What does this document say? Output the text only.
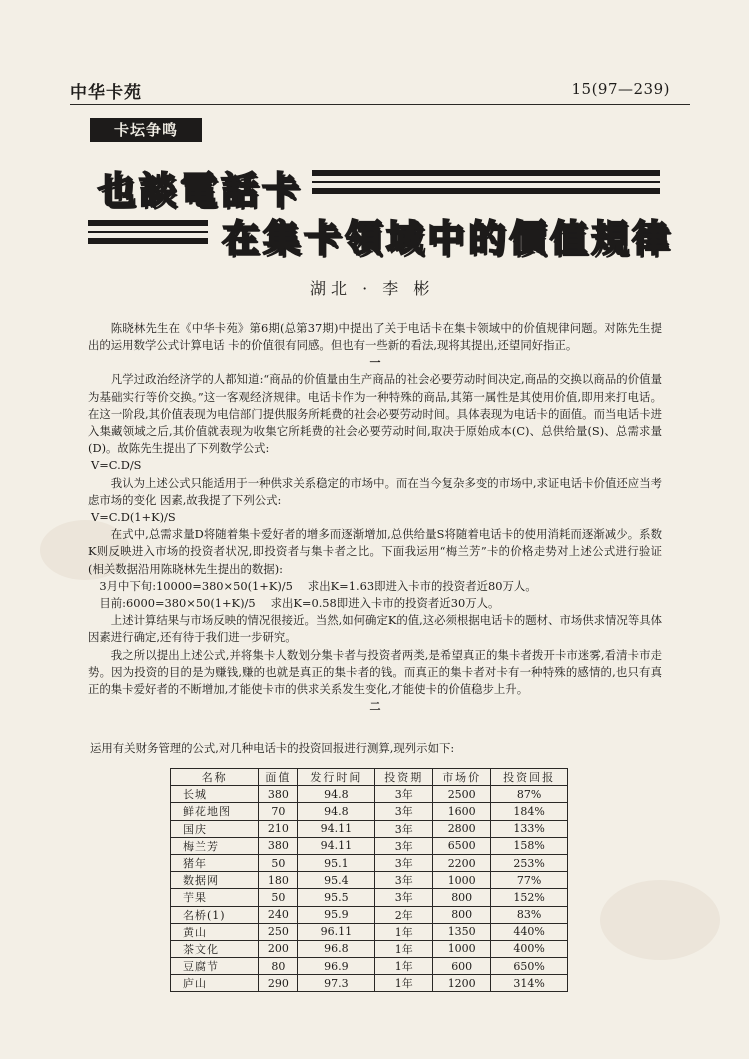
中华卡苑	15(97—239)
卡坛争鸣
也談電話卡
在集卡領域中的價值規律
湖北 · 李 彬

陈晓林先生在《中华卡苑》第6期(总第37期)中提出了关于电话卡在集卡领域中的价值规律问题。对陈先生提出的运用数学公式计算电话 卡的价值很有同感。但也有一些新的看法,现将其提出,还望同好指正。

一

凡学过政治经济学的人都知道:“商品的价值量由生产商品的社会必要劳动时间决定,商品的交换以商品的价值量为基础实行等价交换。”这一客观经济规律。电话卡作为一种特殊的商品,其第一属性是其使用价值,即用来打电话。在这一阶段,其价值表现为电信部门提供服务所耗费的社会必要劳动时间。具体表现为电话卡的面值。而当电话卡进入集藏领域之后,其价值就表现为收集它所耗费的社会必要劳动时间,取决于原始成本(C)、总供给量(S)、总需求量(D)。故陈先生提出了下列数学公式:

V=C.D/S

我认为上述公式只能适用于一种供求关系稳定的市场中。而在当今复杂多变的市场中,求证电话卡价值还应当考虑市场的变化 因素,故我提了下列公式:

V=C.D(1+K)/S

在式中,总需求量D将随着集卡爱好者的增多而逐渐增加,总供给量S将随着电话卡的使用消耗而逐渐减少。系数K则反映进入市场的投资者状况,即投资者与集卡者之比。下面我运用“梅兰芳”卡的价格走势对上述公式进行验证(相关数据沿用陈晓林先生提出的数据):

3月中下旬:10000=380×50(1+K)/5　 求出K=1.63即进入卡市的投资者近80万人。

目前:6000=380×50(1+K)/5　 求出K=0.58即进入卡市的投资者近30万人。

上述计算结果与市场反映的情况很接近。当然,如何确定K的值,这必须根据电话卡的题材、市场供求情况等具体因素进行确定,还有待于我们进一步研究。

我之所以提出上述公式,并将集卡人数划分集卡者与投资者两类,是希望真正的集卡者拨开卡市迷雾,看清卡市走势。因为投资的目的是为赚钱,赚的也就是真正的集卡者的钱。而真正的集卡者对卡有一种特殊的感情的,也只有真正的集卡爱好者的不断增加,才能使卡市的供求关系发生变化,才能使卡的价值稳步上升。

二

运用有关财务管理的公式,对几种电话卡的投资回报进行测算,现列示如下:
名称	面值	发行时间	投资期	市场价	投资回报
长城	380	94.8	3年	2500	87%
鲜花地图	70	94.8	3年	1600	184%
国庆	210	94.11	3年	2800	133%
梅兰芳	380	94.11	3年	6500	158%
猪年	50	95.1	3年	2200	253%
数据网	180	95.4	3年	1000	77%
芋果	50	95.5	3年	800	152%
名桥(1)	240	95.9	2年	800	83%
黄山	250	96.11	1年	1350	440%
茶文化	200	96.8	1年	1000	400%
豆腐节	80	96.9	1年	600	650%
庐山	290	97.3	1年	1200	314%
